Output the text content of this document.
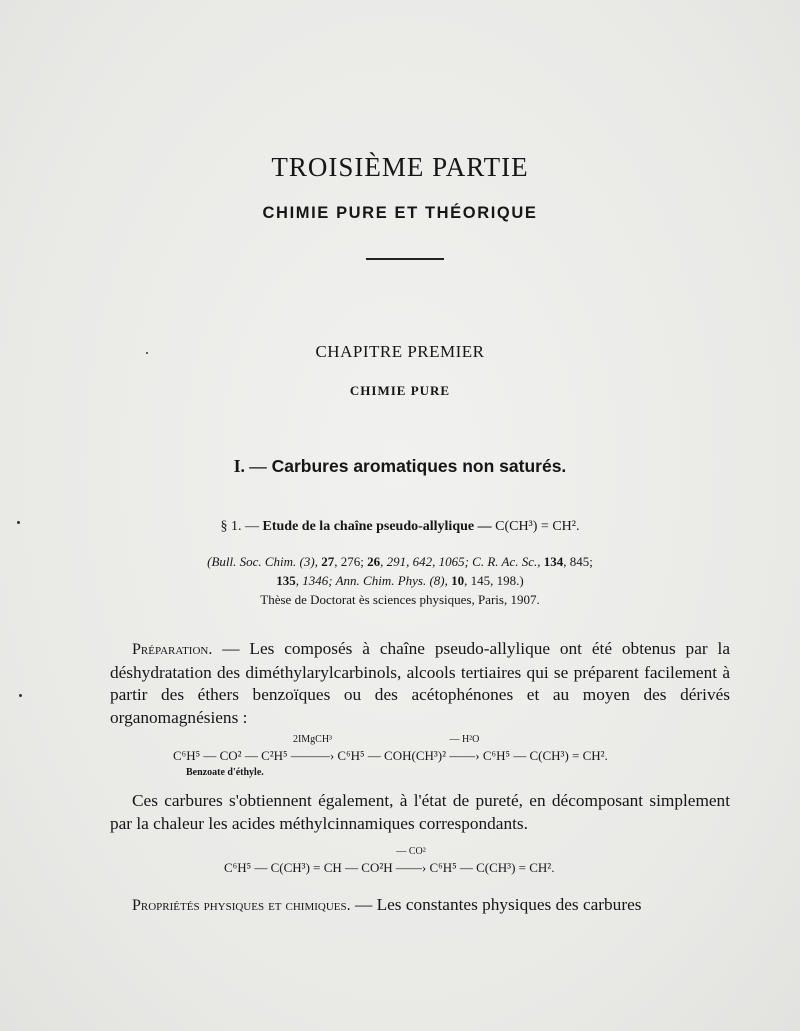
TROISIÈME PARTIE
CHIMIE PURE ET THÉORIQUE
CHAPITRE PREMIER
CHIMIE PURE
I. — Carbures aromatiques non saturés.
§ 1. — Etude de la chaîne pseudo-allylique — C(CH³) = CH².
(Bull. Soc. Chim. (3), 27, 276; 26, 291, 642, 1065; C. R. Ac. Sc., 134, 845;
135, 1346; Ann. Chim. Phys. (8), 10, 145, 198.)
Thèse de Doctorat ès sciences physiques, Paris, 1907.
Préparation. — Les composés à chaîne pseudo-allylique ont été obtenus par la déshydratation des diméthylarylcarbinols, alcools tertiaires qui se préparent facilement à partir des éthers benzoïques ou des acétophénones et au moyen des dérivés organomagnésiens :
C⁶H⁵ — CO² — C²H⁵
2IMgCH³
———› C⁶H⁵ — COH(CH³)²
— H²O
——› C⁶H⁵ — C(CH³) = CH².
Benzoate d'éthyle.
Ces carbures s'obtiennent également, à l'état de pureté, en décomposant simplement par la chaleur les acides méthylcinnamiques correspondants.
C⁶H⁵ — C(CH³) = CH — CO²H
— CO²
——› C⁶H⁵ — C(CH³) = CH².
Propriétés physiques et chimiques. — Les constantes physiques des carbures
